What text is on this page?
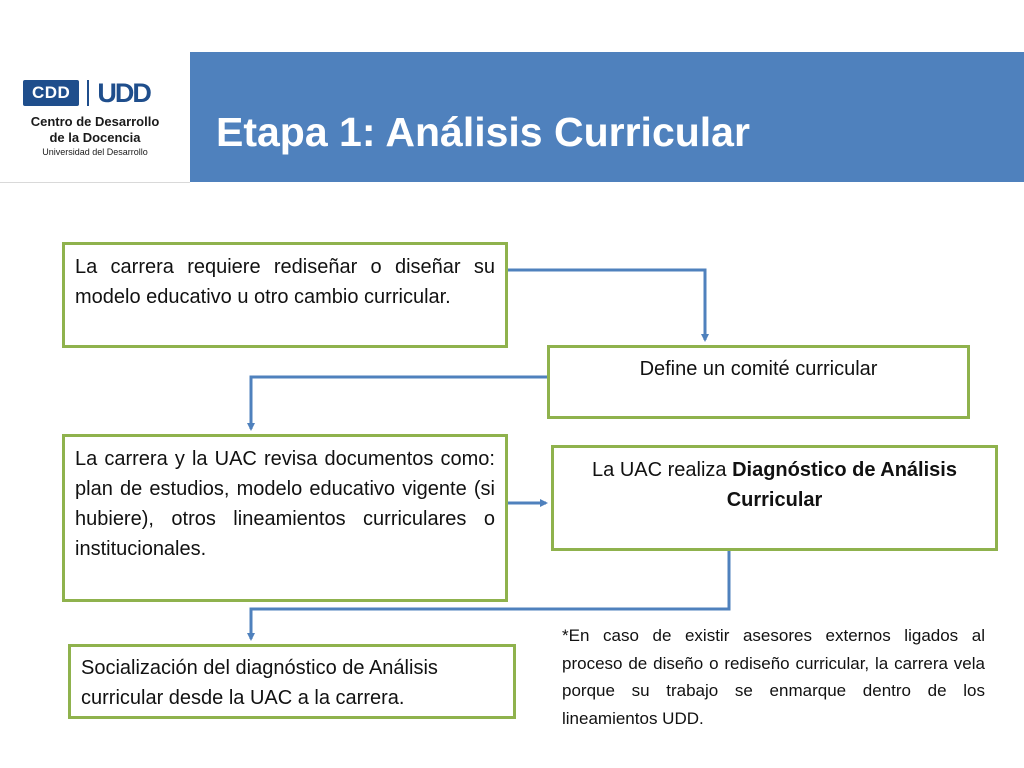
CDD	UDD
Centro de Desarrollo
de la Docencia
Universidad del Desarrollo	Etapa 1: Análisis Curricular
La carrera requiere rediseñar o diseñar su modelo educativo u otro cambio curricular.
Define un comité curricular
La carrera y la UAC revisa documentos como: plan de estudios, modelo educativo vigente (si hubiere), otros lineamientos curriculares o institucionales.
La UAC realiza Diagnóstico de Análisis Curricular
Socialización del diagnóstico de Análisis curricular desde la UAC a la carrera.
*En caso de existir asesores externos ligados al proceso de diseño o rediseño curricular, la carrera vela porque su trabajo se enmarque dentro de los lineamientos UDD.
